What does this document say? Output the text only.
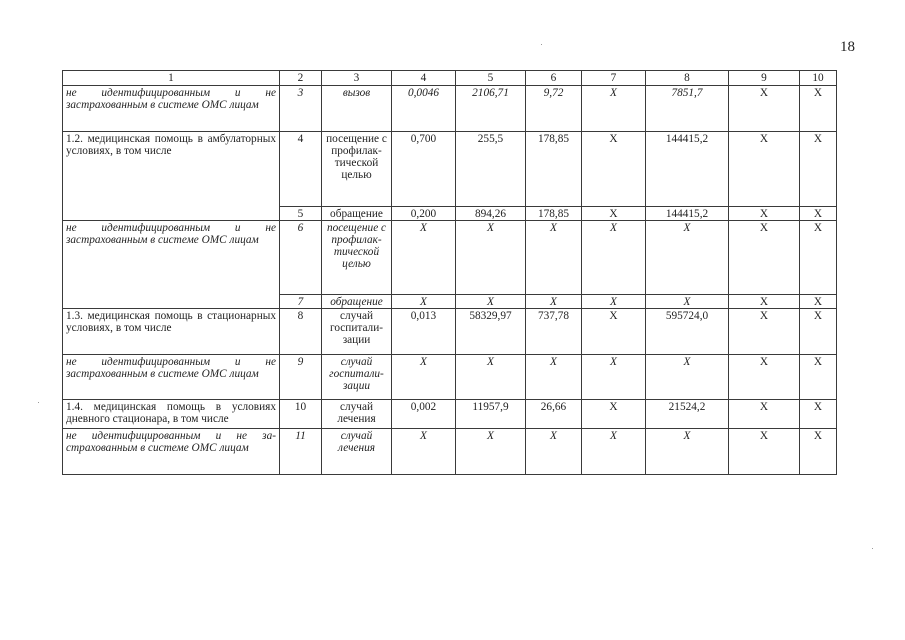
18
1	2	3	4	5	6	7	8	9	10
не идентифицированным и не застрахованным в системе ОМС лицам	3	вызов	0,0046	2106,71	9,72	Х	7851,7	Х	Х
1.2. медицинская помощь в амбулаторных условиях, в том числе	4	посещение с профилак-тической целью	0,700	255,5	178,85	Х	144415,2	Х	Х
	5	обращение	0,200	894,26	178,85	Х	144415,2	Х	Х
не идентифицированным и не застрахованным в системе ОМС лицам	6	посещение с профилак-тической целью	Х	Х	Х	Х	Х	Х	Х
	7	обращение	Х	Х	Х	Х	Х	Х	Х
1.3. медицинская помощь в стационарных условиях, в том числе	8	случай госпитали-зации	0,013	58329,97	737,78	Х	595724,0	Х	Х
не идентифицированным и не застрахованным в системе ОМС лицам	9	случай госпитали-зации	Х	Х	Х	Х	Х	Х	Х
1.4. медицинская помощь в условиях дневного стационара, в том числе	10	случай лечения	0,002	11957,9	26,66	Х	21524,2	Х	Х
не идентифицированным и не за-страхованным в системе ОМС лицам	11	случай лечения	Х	Х	Х	Х	Х	Х	Х
